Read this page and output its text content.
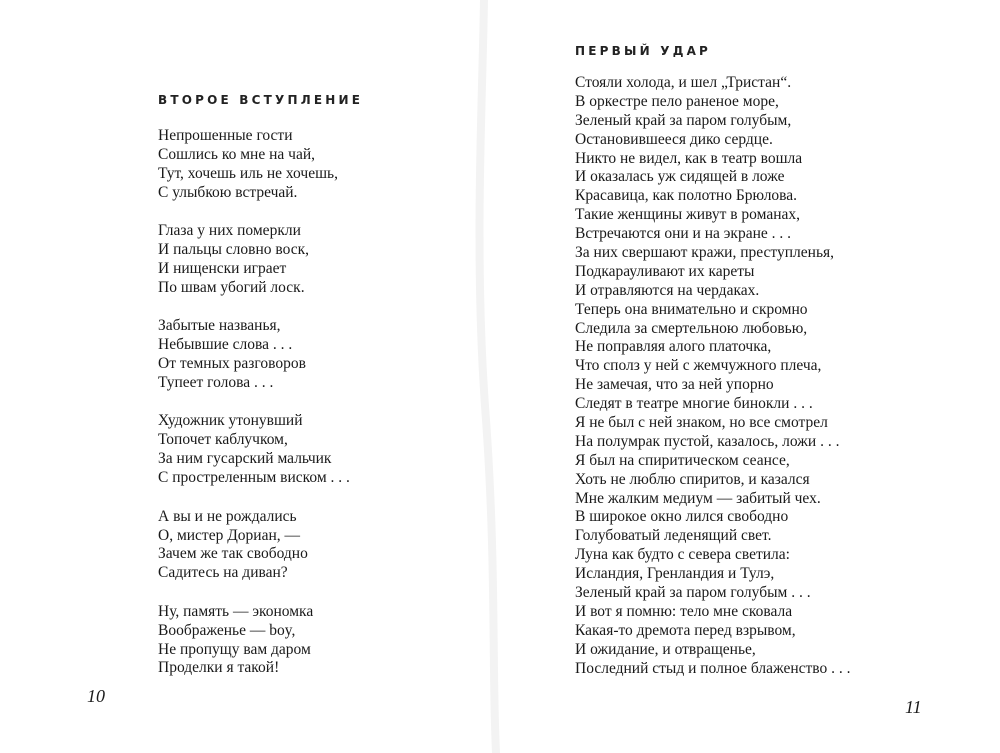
ВТОРОЕ ВСТУПЛЕНИЕ
Непрошенные гости
Сошлись ко мне на чай,
Тут, хочешь иль не хочешь,
С улыбкою встречай.
Глаза у них померкли
И пальцы словно воск,
И нищенски играет
По швам убогий лоск.
Забытые названья,
Небывшие слова . . .
От темных разговоров
Тупеет голова . . .
Художник утонувший
Топочет каблучком,
За ним гусарский мальчик
С простреленным виском . . .
А вы и не рождались
О, мистер Дориан, —
Зачем же так свободно
Садитесь на диван?
Ну, память — экономка
Воображенье — boy,
Не пропущу вам даром
Проделки я такой!
10
ПЕРВЫЙ УДАР
Стояли холода, и шел „Тристан“.
В оркестре пело раненое море,
Зеленый край за паром голубым,
Остановившееся дико сердце.
Никто не видел, как в театр вошла
И оказалась уж сидящей в ложе
Красавица, как полотно Брюлова.
Такие женщины живут в романах,
Встречаются они и на экране . . .
За них свершают кражи, преступленья,
Подкарауливают их кареты
И отравляются на чердаках.
Теперь она внимательно и скромно
Следила за смертельною любовью,
Не поправляя алого платочка,
Что сполз у ней с жемчужного плеча,
Не замечая, что за ней упорно
Следят в театре многие бинокли . . .
Я не был с ней знаком, но все смотрел
На полумрак пустой, казалось, ложи . . .
Я был на спиритическом сеансе,
Хоть не люблю спиритов, и казался
Мне жалким медиум — забитый чех.
В широкое окно лился свободно
Голубоватый леденящий свет.
Луна как будто с севера светила:
Исландия, Гренландия и Тулэ,
Зеленый край за паром голубым . . .
И вот я помню: тело мне сковала
Какая-то дремота перед взрывом,
И ожидание, и отвращенье,
Последний стыд и полное блаженство . . .
11
